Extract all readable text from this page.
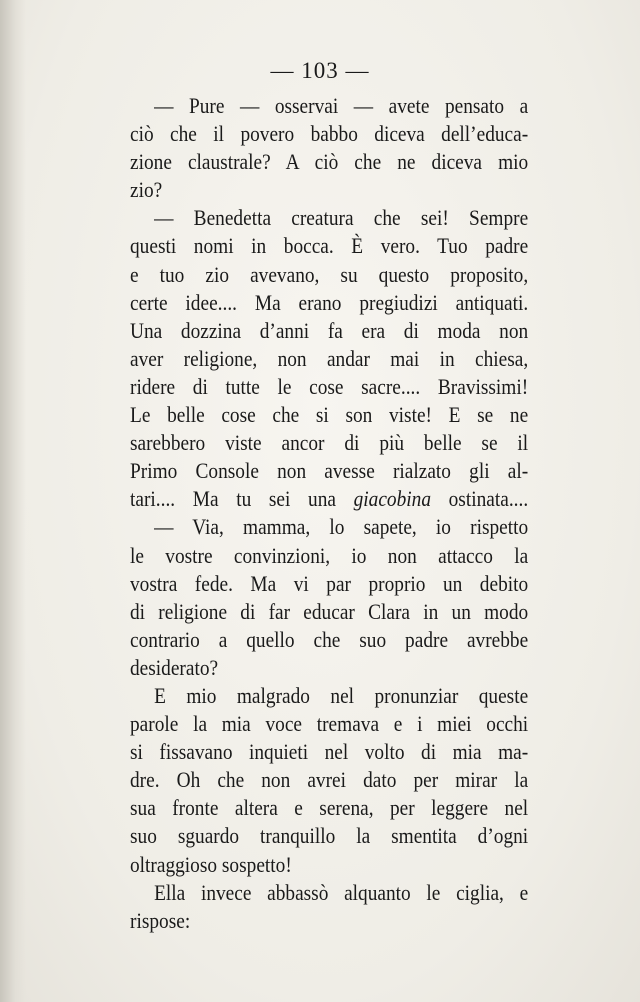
— 103 —
— Pure — osservai — avete pensato a
ciò che il povero babbo diceva dell’educa-
zione claustrale? A ciò che ne diceva mio
zio?
— Benedetta creatura che sei! Sempre
questi nomi in bocca. È vero. Tuo padre
e tuo zio avevano, su questo proposito,
certe idee.... Ma erano pregiudizi antiquati.
Una dozzina d’anni fa era di moda non
aver religione, non andar mai in chiesa,
ridere di tutte le cose sacre.... Bravissimi!
Le belle cose che si son viste! E se ne
sarebbero viste ancor di più belle se il
Primo Console non avesse rialzato gli al-
tari.... Ma tu sei una giacobina ostinata....
— Via, mamma, lo sapete, io rispetto
le vostre convinzioni, io non attacco la
vostra fede. Ma vi par proprio un debito
di religione di far educar Clara in un modo
contrario a quello che suo padre avrebbe
desiderato?
E mio malgrado nel pronunziar queste
parole la mia voce tremava e i miei occhi
si fissavano inquieti nel volto di mia ma-
dre. Oh che non avrei dato per mirar la
sua fronte altera e serena, per leggere nel
suo sguardo tranquillo la smentita d’ogni
oltraggioso sospetto!
Ella invece abbassò alquanto le ciglia, e
rispose:
